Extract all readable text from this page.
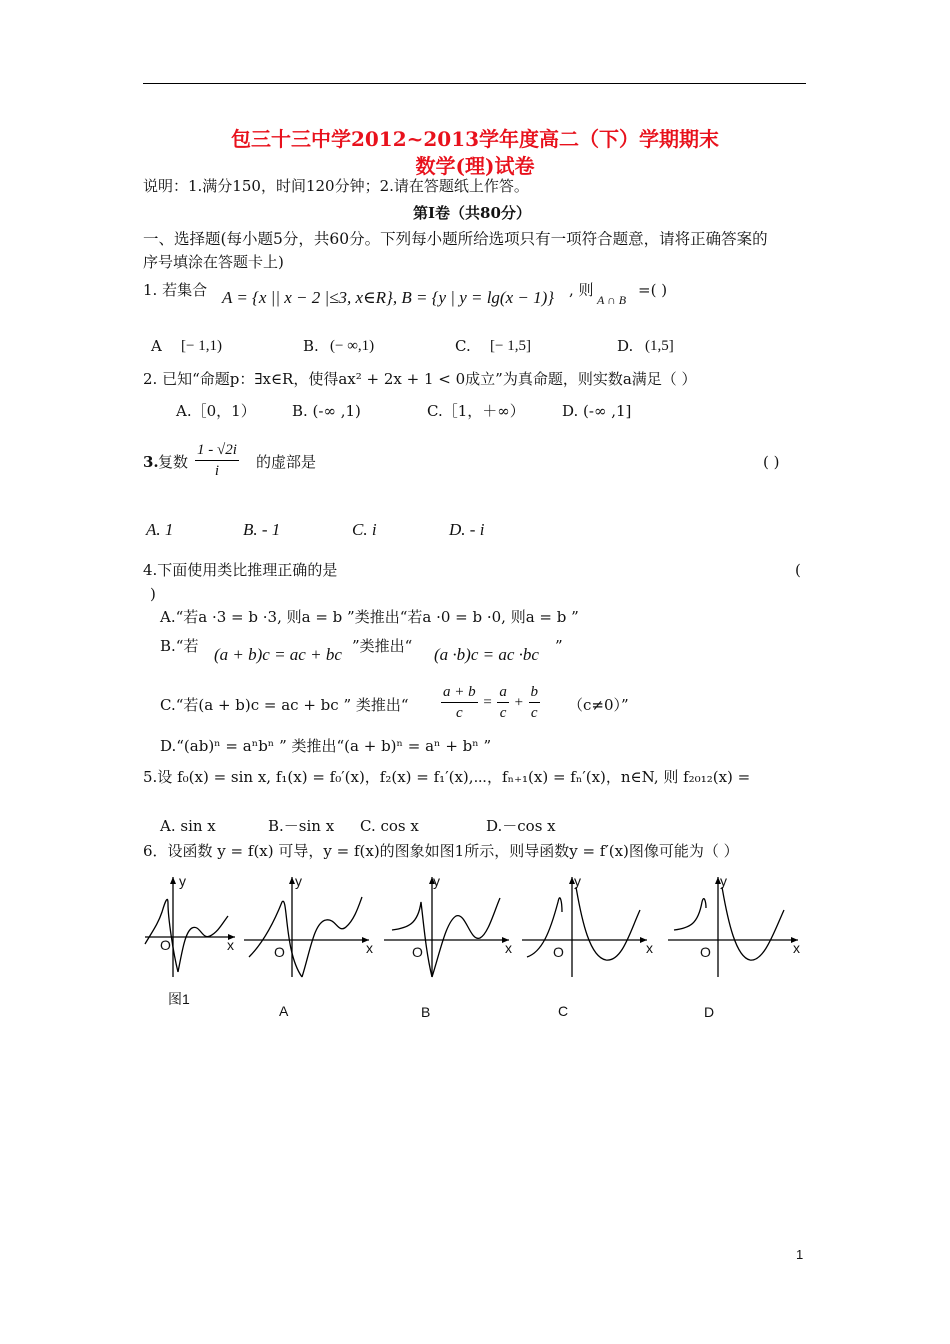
包三十三中学2012~2013学年度高二（下）学期期末
数学(理)试卷
说明：1.满分150，时间120分钟；2.请在答题纸上作答。
第Ⅰ卷（共80分）
一、选择题(每小题5分，共60分。下列每小题所给选项只有一项符合题意，请将正确答案的
序号填涂在答题卡上)
1. 若集合 A = {x || x − 2 |≤3, x∈R}, B = {y | y = lg(x − 1)} , 则
A ∩ B
=( )
A [− 1,1)	B. (− ∞,1)	C. [− 1,5]	D. (1,5]
2. 已知“命题p：∃x∈R，使得ax² + 2x + 1 < 0成立”为真命题，则实数a满足（ ）
A.［0，1） B. (-∞ ,1)	C.［1，＋∞） D. (-∞ ,1]
3. 复数 $\frac{1 - √2i}{i}$ 的虚部是	( )
A. 1	B. - 1	C. i	D. - i
4.下面使用类比推理正确的是	(
)
A.“若a ·3 = b ·3, 则a = b ”类推出“若a ·0 = b ·0, 则a = b ”
B.“若 (a + b)c = ac + bc ”类推出“ (a ·b)c = ac ·bc ”
C.“若(a + b)c = ac + bc ” 类推出“ $\frac{a + b}{c} = \frac{a}{c} + \frac{b}{c} (c\ne 0)$”
D.“(ab)ⁿ = aⁿbⁿ ” 类推出“(a + b)ⁿ = aⁿ + bⁿ ”
5.设 f₀(x) = sin x, f₁(x) = f₀′(x)，f₂(x) = f₁′(x),⋯，fₙ₊₁(x) = fₙ′(x)，n∈N, 则 f₂₀₁₂(x) =
A. sin x	B.－sin x C. cos x	D.－cos x
6．设函数 y = f(x) 可导，y = f(x)的图象如图1所示，则导函数y = f′(x)图像可能为（ ）
y
O	x
图1
y
O	x
A
y
O	x
B
y
O	x
C
y
O	x
D
1
